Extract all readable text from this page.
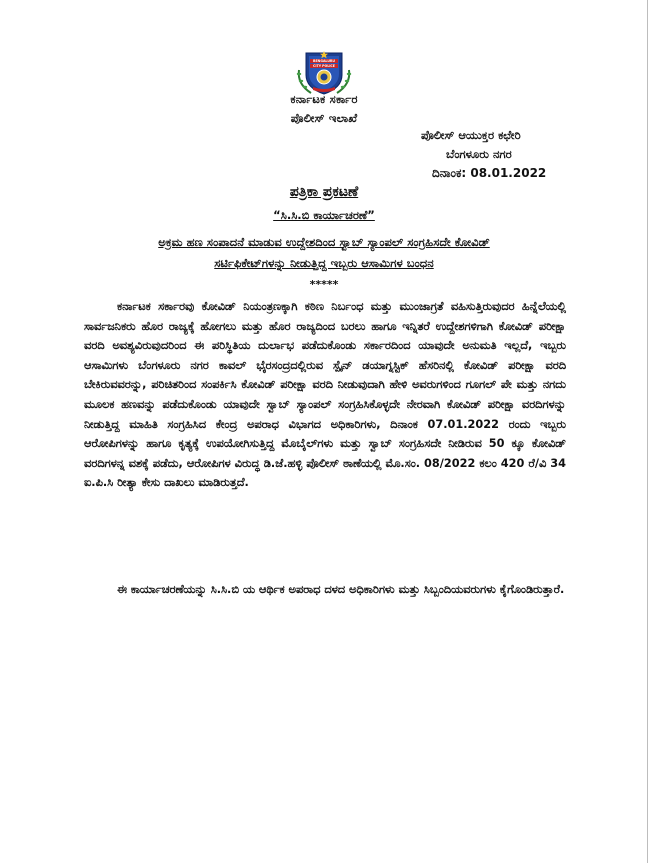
BENGALURU
CITY POLICE
ಕರ್ನಾಟಕ ಸರ್ಕಾರ
ಪೊಲೀಸ್ ಇಲಾಖೆ
ಪೊಲೀಸ್ ಆಯುಕ್ತರ ಕಛೇರಿ
ಬೆಂಗಳೂರು ನಗರ
ದಿನಾಂಕ: 08.01.2022
ಪತ್ರಿಕಾ ಪ್ರಕಟಣೆ
“ಸಿ.ಸಿ.ಬಿ ಕಾರ್ಯಾಚರಣೆ”
ಅಕ್ರಮ ಹಣ ಸಂಪಾದನೆ ಮಾಡುವ ಉದ್ದೇಶದಿಂದ ಸ್ವಾಬ್ ಸ್ಯಾಂಪಲ್ ಸಂಗ್ರಹಿಸದೇ ಕೋವಿಡ್
ಸರ್ಟಿಫಿಕೇಟ್‌ಗಳನ್ನು ನೀಡುತ್ತಿದ್ದ ಇಬ್ಬರು ಆಸಾಮಿಗಳ ಬಂಧನ
*****

ಕರ್ನಾಟಕ ಸರ್ಕಾರವು ಕೋವಿಡ್ ನಿಯಂತ್ರಣಕ್ಕಾಗಿ ಕಠಿಣ ನಿರ್ಬಂಧ ಮತ್ತು ಮುಂಜಾಗ್ರತೆ ವಹಿಸುತ್ತಿರುವುದರ ಹಿನ್ನೆಲೆಯಲ್ಲಿ ಸಾರ್ವಜನಿಕರು ಹೊರ ರಾಜ್ಯಕ್ಕೆ ಹೋಗಲು ಮತ್ತು ಹೊರ ರಾಜ್ಯದಿಂದ ಬರಲು ಹಾಗೂ ಇನ್ನಿತರೆ ಉದ್ದೇಶಗಳಿಗಾಗಿ ಕೋವಿಡ್ ಪರೀಕ್ಷಾ ವರದಿ ಅವಶ್ಯವಿರುವುದರಿಂದ ಈ ಪರಿಸ್ಥಿತಿಯ ದುರ್ಲಾಭ ಪಡೆದುಕೊಂಡು ಸರ್ಕಾರದಿಂದ ಯಾವುದೇ ಅನುಮತಿ ಇಲ್ಲದೆ, ಇಬ್ಬರು ಆಸಾಮಿಗಳು ಬೆಂಗಳೂರು ನಗರ ಕಾವಲ್ ಭೈರಸಂದ್ರದಲ್ಲಿರುವ ಸ್ಪೈನ್ ಡಯಾಗ್ನಸ್ಟಿಕ್ ಹೆಸರಿನಲ್ಲಿ ಕೋವಿಡ್ ಪರೀಕ್ಷಾ ವರದಿ ಬೇಕಿರುವವರನ್ನು, ಪರಿಚಿತರಿಂದ ಸಂಪರ್ಕಿಸಿ ಕೋವಿಡ್ ಪರೀಕ್ಷಾ ವರದಿ ನೀಡುವುದಾಗಿ ಹೇಳಿ ಅವರುಗಳಿಂದ ಗೂಗಲ್ ಪೇ ಮತ್ತು ನಗದು ಮೂಲಕ ಹಣವನ್ನು ಪಡೆದುಕೊಂಡು ಯಾವುದೇ ಸ್ವಾಬ್ ಸ್ಯಾಂಪಲ್ ಸಂಗ್ರಹಿಸಿಕೊಳ್ಳದೇ ನೇರವಾಗಿ ಕೋವಿಡ್ ಪರೀಕ್ಷಾ ವರದಿಗಳನ್ನು ನೀಡುತ್ತಿದ್ದ ಮಾಹಿತಿ ಸಂಗ್ರಹಿಸಿದ ಕೇಂದ್ರ ಅಪರಾಧ ವಿಭಾಗದ ಅಧಿಕಾರಿಗಳು, ದಿನಾಂಕ 07.01.2022 ರಂದು ಇಬ್ಬರು ಆರೋಪಿಗಳನ್ನು ಹಾಗೂ ಕೃತ್ಯಕ್ಕೆ ಉಪಯೋಗಿಸುತ್ತಿದ್ದ ಮೊಬೈಲ್‌ಗಳು ಮತ್ತು ಸ್ವಾಬ್ ಸಂಗ್ರಹಿಸದೇ ನೀಡಿರುವ 50 ಕ್ಕೂ ಕೋವಿಡ್ ವರದಿಗಳನ್ನ ವಶಕ್ಕೆ ಪಡೆದು, ಆರೋಪಿಗಳ ವಿರುದ್ಧ ಡಿ.ಜೆ.ಹಳ್ಳಿ ಪೊಲೀಸ್ ಠಾಣೆಯಲ್ಲಿ ಮೊ.ಸಂ. 08/2022 ಕಲಂ 420 ರೆ/ವಿ 34 ಐ.ಪಿ.ಸಿ ರೀತ್ಯಾ ಕೇಸು ದಾಖಲು ಮಾಡಿರುತ್ತದೆ.

ಈ ಕಾರ್ಯಾಚರಣೆಯನ್ನು ಸಿ.ಸಿ.ಬಿ ಯ ಆರ್ಥಿಕ ಅಪರಾಧ ದಳದ ಅಧಿಕಾರಿಗಳು ಮತ್ತು ಸಿಬ್ಬಂದಿಯವರುಗಳು ಕೈಗೊಂಡಿರುತ್ತಾರೆ.
